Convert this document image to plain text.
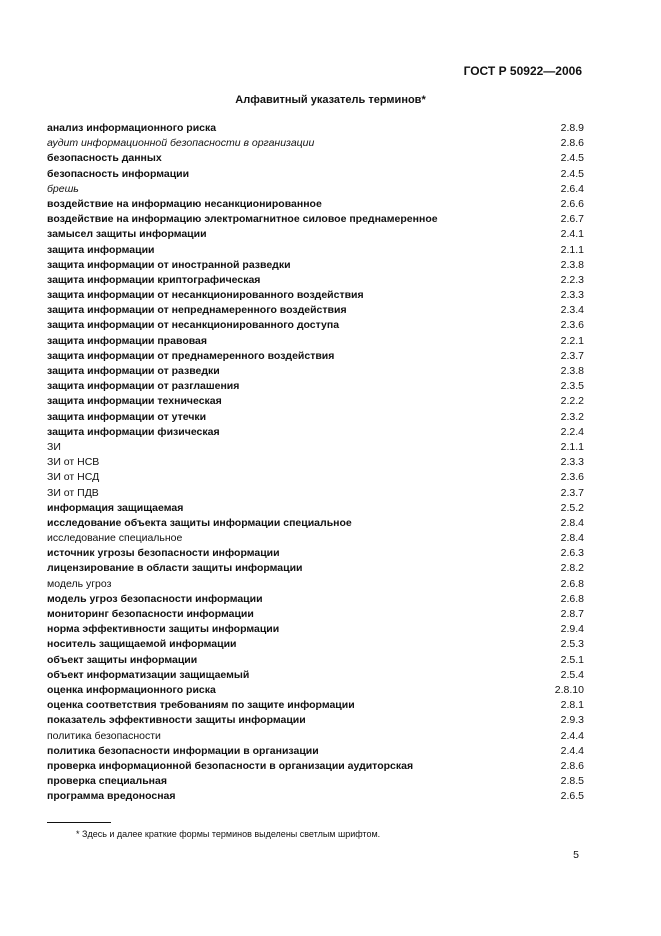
ГОСТ Р 50922—2006
Алфавитный указатель терминов*
анализ информационного риска	2.8.9
аудит информационной безопасности в организации	2.8.6
безопасность данных	2.4.5
безопасность информации	2.4.5
брешь	2.6.4
воздействие на информацию несанкционированное	2.6.6
воздействие на информацию электромагнитное силовое преднамеренное	2.6.7
замысел защиты информации	2.4.1
защита информации	2.1.1
защита информации от иностранной разведки	2.3.8
защита информации криптографическая	2.2.3
защита информации от несанкционированного воздействия	2.3.3
защита информации от непреднамеренного воздействия	2.3.4
защита информации от несанкционированного доступа	2.3.6
защита информации правовая	2.2.1
защита информации от преднамеренного воздействия	2.3.7
защита информации от разведки	2.3.8
защита информации от разглашения	2.3.5
защита информации техническая	2.2.2
защита информации от утечки	2.3.2
защита информации физическая	2.2.4
ЗИ	2.1.1
ЗИ от НСВ	2.3.3
ЗИ от НСД	2.3.6
ЗИ от ПДВ	2.3.7
информация защищаемая	2.5.2
исследование объекта защиты информации специальное	2.8.4
исследование специальное	2.8.4
источник угрозы безопасности информации	2.6.3
лицензирование в области защиты информации	2.8.2
модель угроз	2.6.8
модель угроз безопасности информации	2.6.8
мониторинг безопасности информации	2.8.7
норма эффективности защиты информации	2.9.4
носитель защищаемой информации	2.5.3
объект защиты информации	2.5.1
объект информатизации защищаемый	2.5.4
оценка информационного риска	2.8.10
оценка соответствия требованиям по защите информации	2.8.1
показатель эффективности защиты информации	2.9.3
политика безопасности	2.4.4
политика безопасности информации в организации	2.4.4
проверка информационной безопасности в организации аудиторская	2.8.6
проверка специальная	2.8.5
программа вредоносная	2.6.5
* Здесь и далее краткие формы терминов выделены светлым шрифтом.
5
